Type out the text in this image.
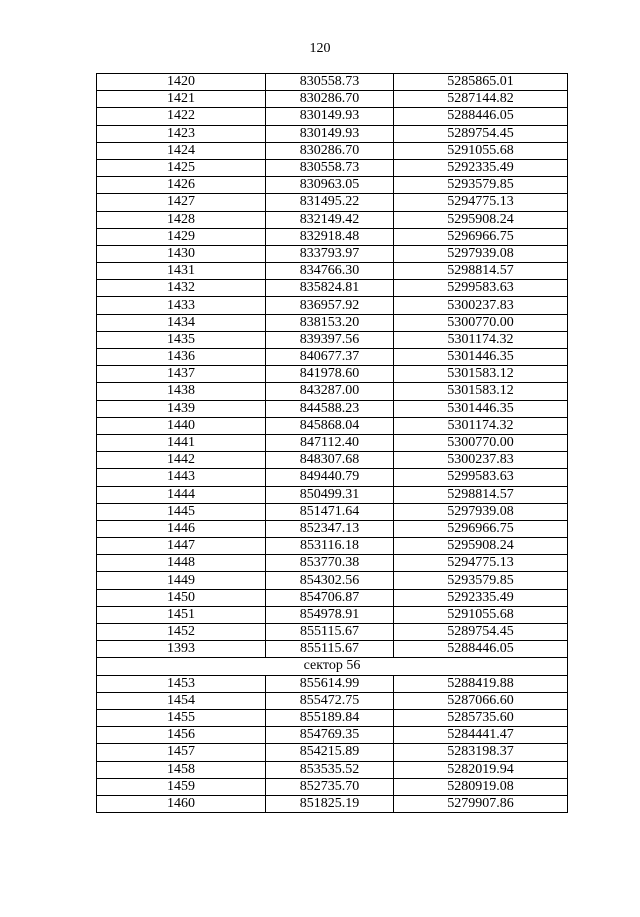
120
1420	830558.73	5285865.01
1421	830286.70	5287144.82
1422	830149.93	5288446.05
1423	830149.93	5289754.45
1424	830286.70	5291055.68
1425	830558.73	5292335.49
1426	830963.05	5293579.85
1427	831495.22	5294775.13
1428	832149.42	5295908.24
1429	832918.48	5296966.75
1430	833793.97	5297939.08
1431	834766.30	5298814.57
1432	835824.81	5299583.63
1433	836957.92	5300237.83
1434	838153.20	5300770.00
1435	839397.56	5301174.32
1436	840677.37	5301446.35
1437	841978.60	5301583.12
1438	843287.00	5301583.12
1439	844588.23	5301446.35
1440	845868.04	5301174.32
1441	847112.40	5300770.00
1442	848307.68	5300237.83
1443	849440.79	5299583.63
1444	850499.31	5298814.57
1445	851471.64	5297939.08
1446	852347.13	5296966.75
1447	853116.18	5295908.24
1448	853770.38	5294775.13
1449	854302.56	5293579.85
1450	854706.87	5292335.49
1451	854978.91	5291055.68
1452	855115.67	5289754.45
1393	855115.67	5288446.05
сектор 56		
1453	855614.99	5288419.88
1454	855472.75	5287066.60
1455	855189.84	5285735.60
1456	854769.35	5284441.47
1457	854215.89	5283198.37
1458	853535.52	5282019.94
1459	852735.70	5280919.08
1460	851825.19	5279907.86
